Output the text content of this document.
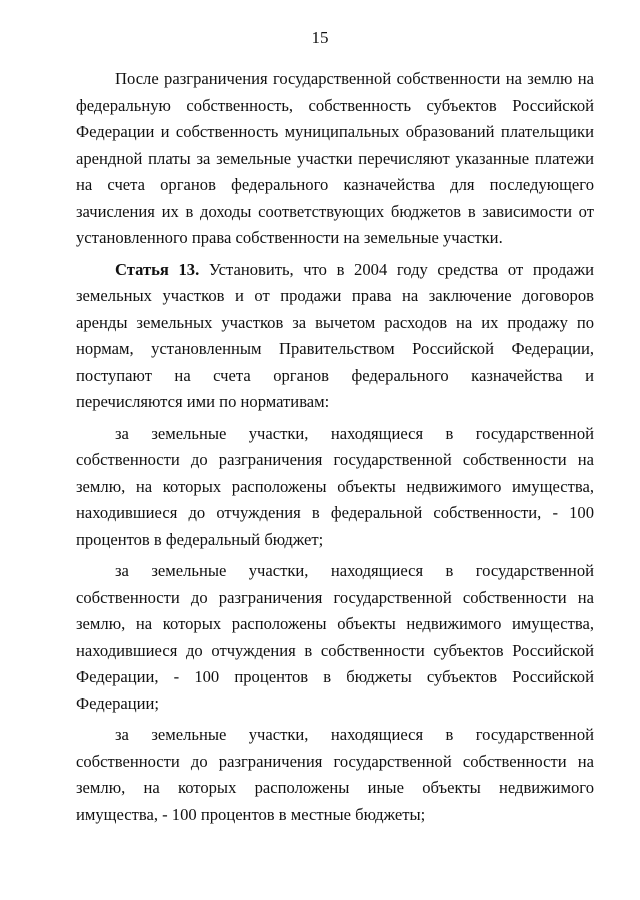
15

После разграничения государственной собственности на землю на федеральную собственность, собственность субъектов Российской Федерации и собственность муниципальных образований плательщики арендной платы за земельные участки перечисляют указанные платежи на счета органов федерального казначейства для последующего зачисления их в доходы соответствующих бюджетов в зависимости от установленного права собственности на земельные участки.

Статья 13. Установить, что в 2004 году средства от продажи земельных участков и от продажи права на заключение договоров аренды земельных участков за вычетом расходов на их продажу по нормам, установленным Правительством Российской Федерации, поступают на счета органов федерального казначейства и перечисляются ими по нормативам:

за земельные участки, находящиеся в государственной собственности до разграничения государственной собственности на землю, на которых расположены объекты недвижимого имущества, находившиеся до отчуждения в федеральной собственности, - 100 процентов в федеральный бюджет;

за земельные участки, находящиеся в государственной собственности до разграничения государственной собственности на землю, на которых расположены объекты недвижимого имущества, находившиеся до отчуждения в собственности субъектов Российской Федерации, - 100 процентов в бюджеты субъектов Российской Федерации;

за земельные участки, находящиеся в государственной собственности до разграничения государственной собственности на землю, на которых расположены иные объекты недвижимого имущества, - 100 процентов в местные бюджеты;
